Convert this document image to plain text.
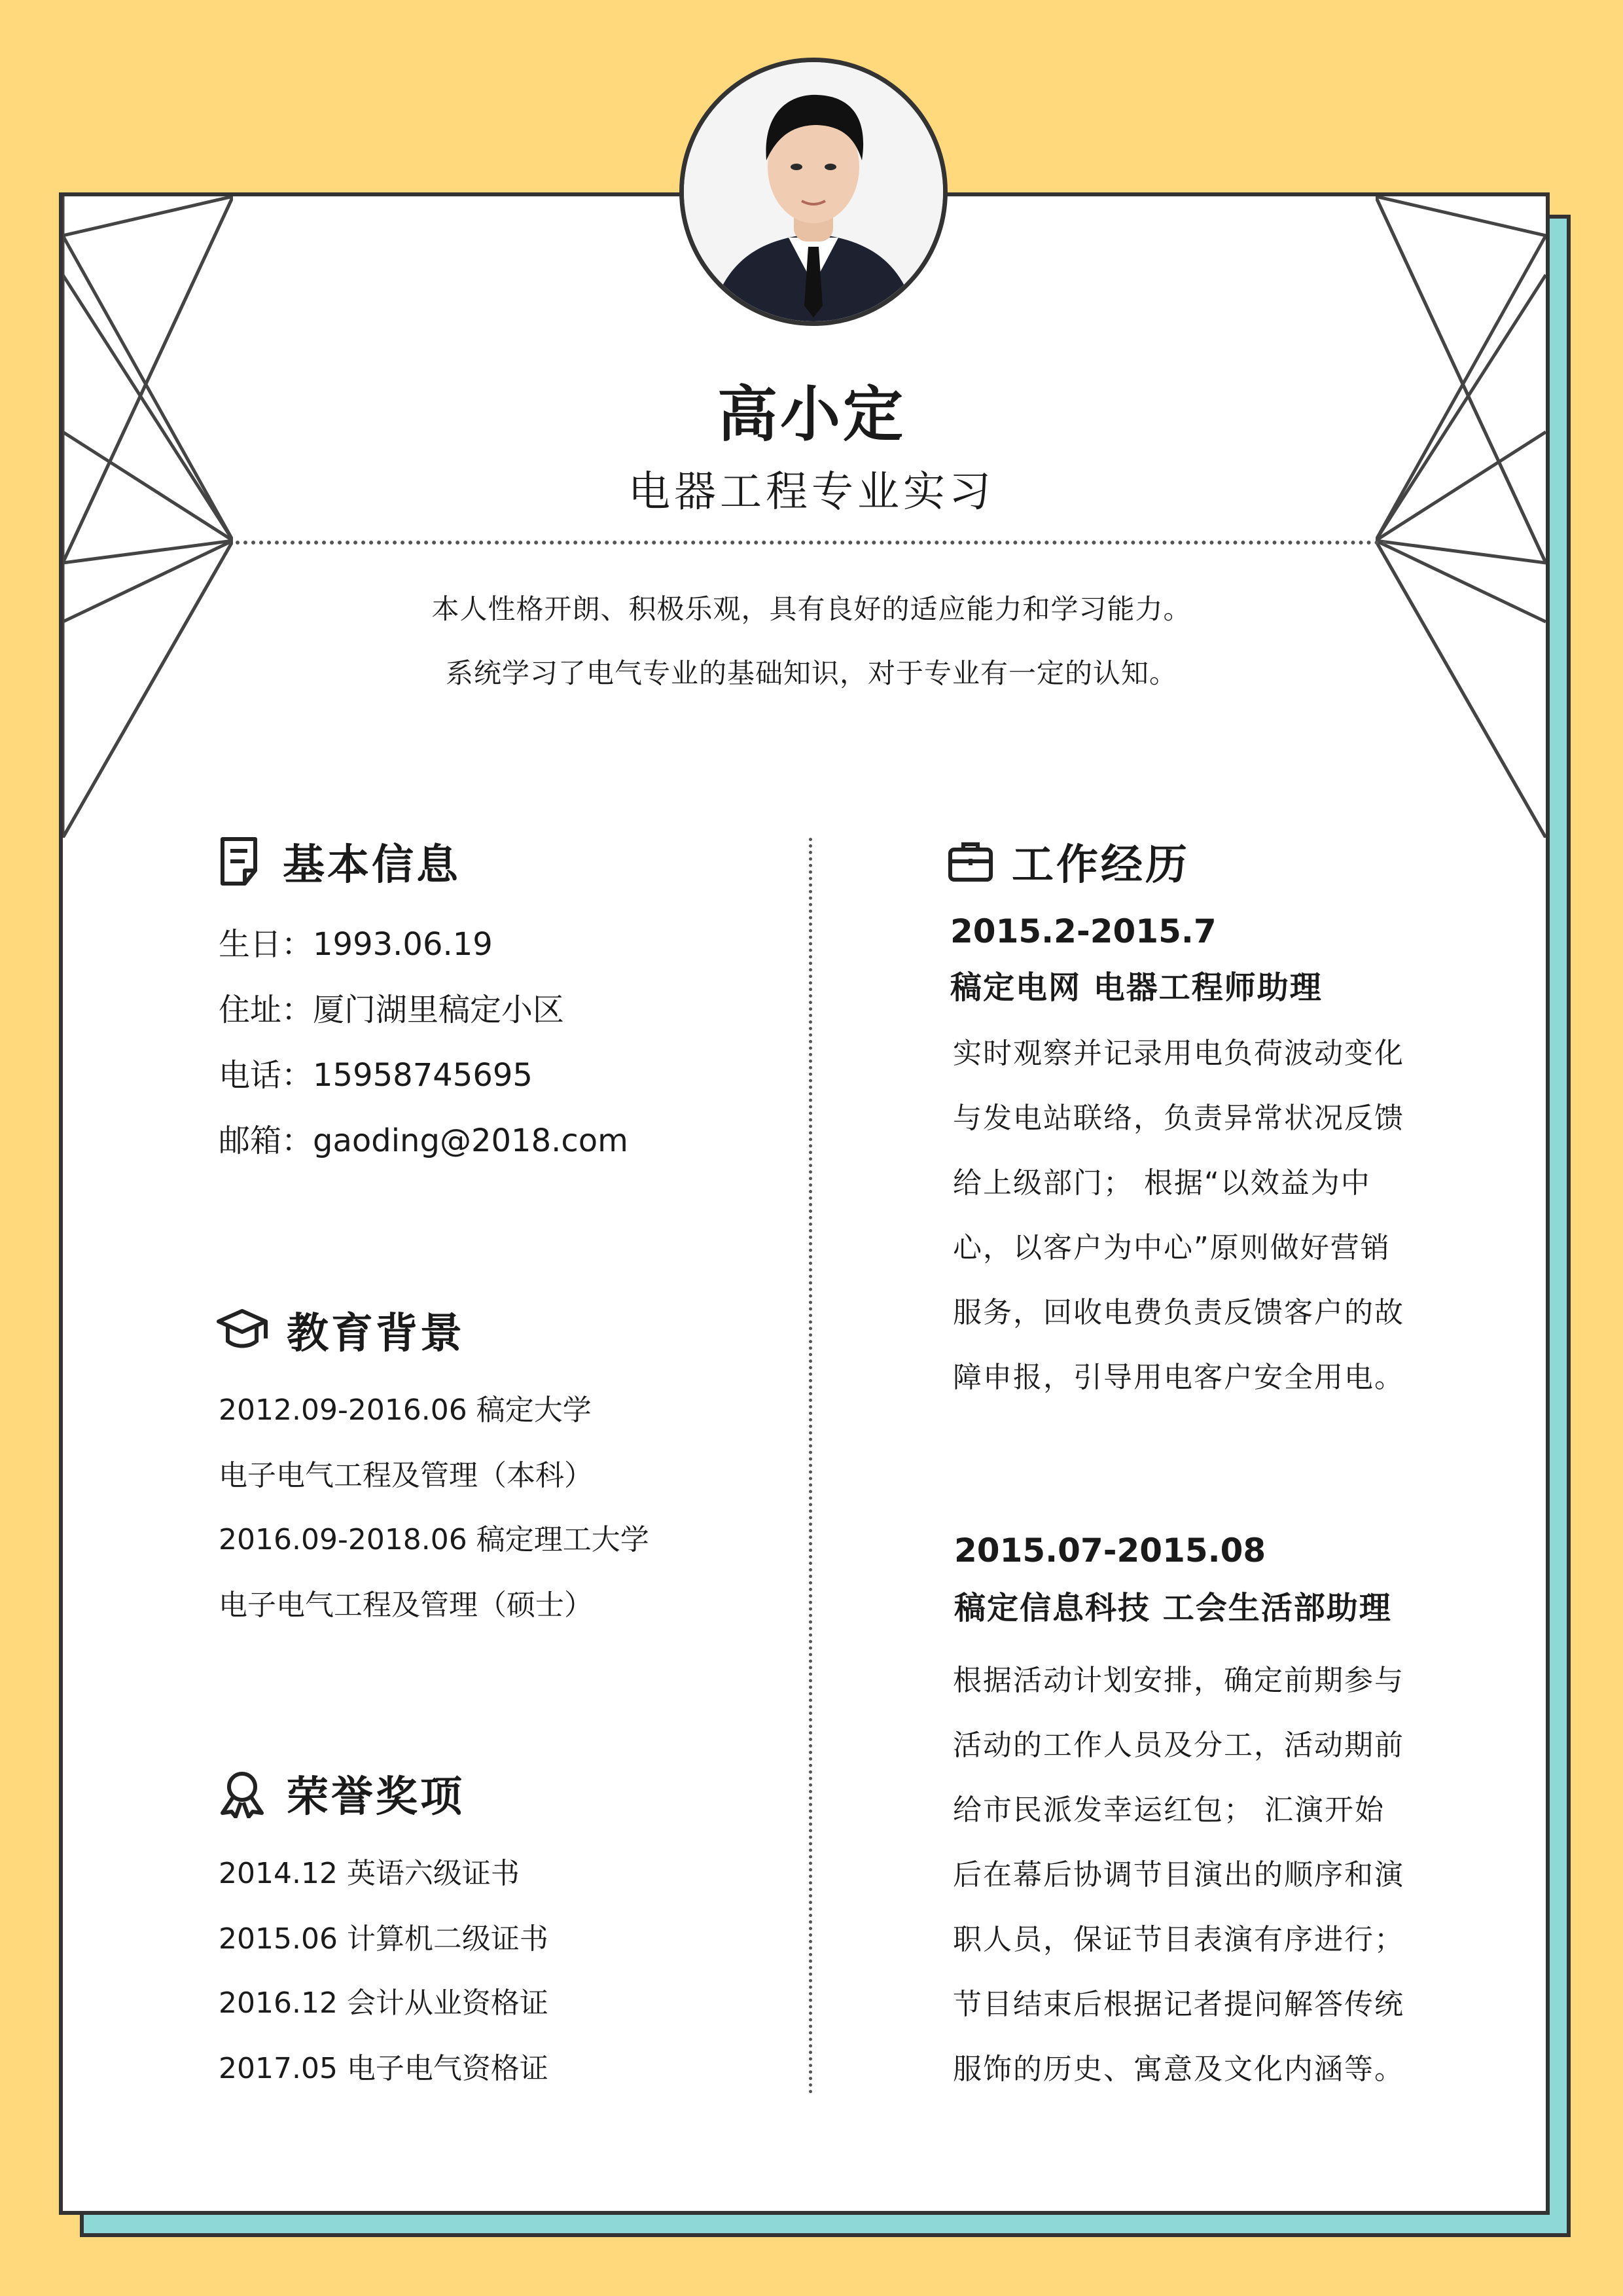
高小定
电器工程专业实习
本人性格开朗、积极乐观，具有良好的适应能力和学习能力。
系统学习了电气专业的基础知识，对于专业有一定的认知。
基本信息
生日：1993.06.19
住址：厦门湖里稿定小区
电话：15958745695
邮箱：gaoding@2018.com
教育背景
2012.09-2016.06 稿定大学
电子电气工程及管理（本科）
2016.09-2018.06 稿定理工大学
电子电气工程及管理（硕士）
荣誉奖项
2014.12 英语六级证书
2015.06 计算机二级证书
2016.12 会计从业资格证
2017.05 电子电气资格证
工作经历
2015.2-2015.7
稿定电网 电器工程师助理
实时观察并记录用电负荷波动变化与发电站联络，负责异常状况反馈给上级部门； 根据“以效益为中心，以客户为中心”原则做好营销服务，回收电费负责反馈客户的故障申报，引导用电客户安全用电。
2015.07-2015.08
稿定信息科技 工会生活部助理
根据活动计划安排，确定前期参与活动的工作人员及分工，活动期前给市民派发幸运红包； 汇演开始后在幕后协调节目演出的顺序和演职人员，保证节目表演有序进行； 节目结束后根据记者提问解答传统服饰的历史、寓意及文化内涵等。
